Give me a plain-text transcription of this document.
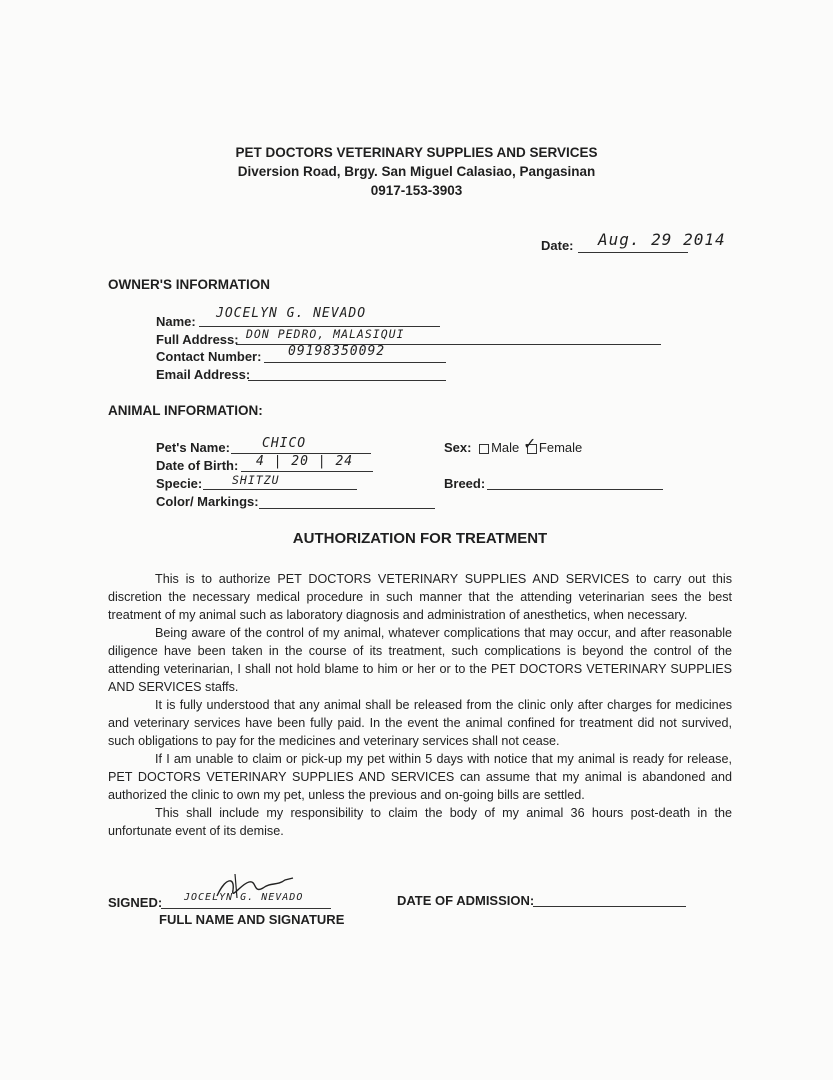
PET DOCTORS VETERINARY SUPPLIES AND SERVICES
Diversion Road, Brgy. San Miguel Calasiao, Pangasinan
0917-153-3903
Date: Aug. 29 2014
OWNER'S INFORMATION
Name:
JOCELYN G. NEVADO
Full Address: DON PEDRO, MALASIQUI
Contact Number: 09198350092
Email Address:
ANIMAL INFORMATION:
Pet's Name: CHICO
Date of Birth: 4 | 20 | 24
Specie:	SHITZU
Color/ Markings:
Sex: Male Female
✓
Breed:
AUTHORIZATION FOR TREATMENT
This is to authorize PET DOCTORS VETERINARY SUPPLIES AND SERVICES to carry out this discretion the necessary medical procedure in such manner that the attending veterinarian sees the best treatment of my animal such as laboratory diagnosis and administration of anesthetics, when necessary.
Being aware of the control of my animal, whatever complications that may occur, and after reasonable diligence have been taken in the course of its treatment, such complications is beyond the control of the attending veterinarian, I shall not hold blame to him or her or to the PET DOCTORS VETERINARY SUPPLIES AND SERVICES staffs.
It is fully understood that any animal shall be released from the clinic only after charges for medicines and veterinary services have been fully paid. In the event the animal confined for treatment did not survived, such obligations to pay for the medicines and veterinary services shall not cease.
If I am unable to claim or pick-up my pet within 5 days with notice that my animal is ready for release, PET DOCTORS VETERINARY SUPPLIES AND SERVICES can assume that my animal is abandoned and authorized the clinic to own my pet, unless the previous and on-going bills are settled.
This shall include my responsibility to claim the body of my animal 36 hours post-death in the unfortunate event of its demise.
SIGNED: JOCELYN G. NEVADO
FULL NAME AND SIGNATURE
DATE OF ADMISSION:
